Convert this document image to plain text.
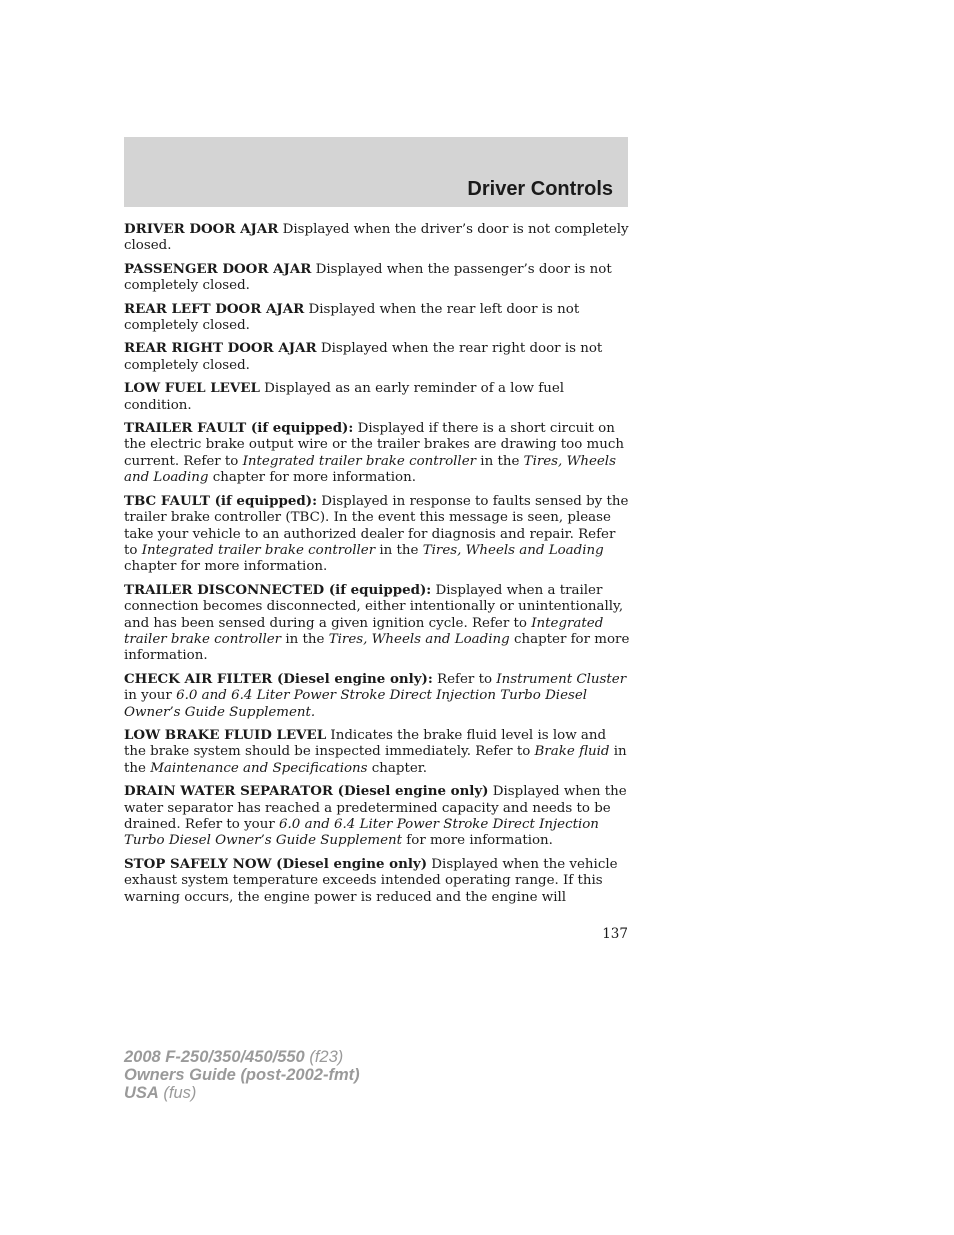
Driver Controls

DRIVER DOOR AJAR Displayed when the driver’s door is not completely closed.

PASSENGER DOOR AJAR Displayed when the passenger’s door is not completely closed.

REAR LEFT DOOR AJAR Displayed when the rear left door is not completely closed.

REAR RIGHT DOOR AJAR Displayed when the rear right door is not completely closed.

LOW FUEL LEVEL Displayed as an early reminder of a low fuel condition.

TRAILER FAULT (if equipped): Displayed if there is a short circuit on the electric brake output wire or the trailer brakes are drawing too much current. Refer to Integrated trailer brake controller in the Tires, Wheels and Loading chapter for more information.

TBC FAULT (if equipped): Displayed in response to faults sensed by the trailer brake controller (TBC). In the event this message is seen, please take your vehicle to an authorized dealer for diagnosis and repair. Refer to Integrated trailer brake controller in the Tires, Wheels and Loading chapter for more information.

TRAILER DISCONNECTED (if equipped): Displayed when a trailer connection becomes disconnected, either intentionally or unintentionally, and has been sensed during a given ignition cycle. Refer to Integrated trailer brake controller in the Tires, Wheels and Loading chapter for more information.

CHECK AIR FILTER (Diesel engine only): Refer to Instrument Cluster in your 6.0 and 6.4 Liter Power Stroke Direct Injection Turbo Diesel Owner’s Guide Supplement.

LOW BRAKE FLUID LEVEL Indicates the brake fluid level is low and the brake system should be inspected immediately. Refer to Brake fluid in the Maintenance and Specifications chapter.

DRAIN WATER SEPARATOR (Diesel engine only) Displayed when the water separator has reached a predetermined capacity and needs to be drained. Refer to your 6.0 and 6.4 Liter Power Stroke Direct Injection Turbo Diesel Owner’s Guide Supplement for more information.

STOP SAFELY NOW (Diesel engine only) Displayed when the vehicle exhaust system temperature exceeds intended operating range. If this warning occurs, the engine power is reduced and the engine will

137
2008 F-250/350/450/550 (f23)
Owners Guide (post-2002-fmt)
USA (fus)
